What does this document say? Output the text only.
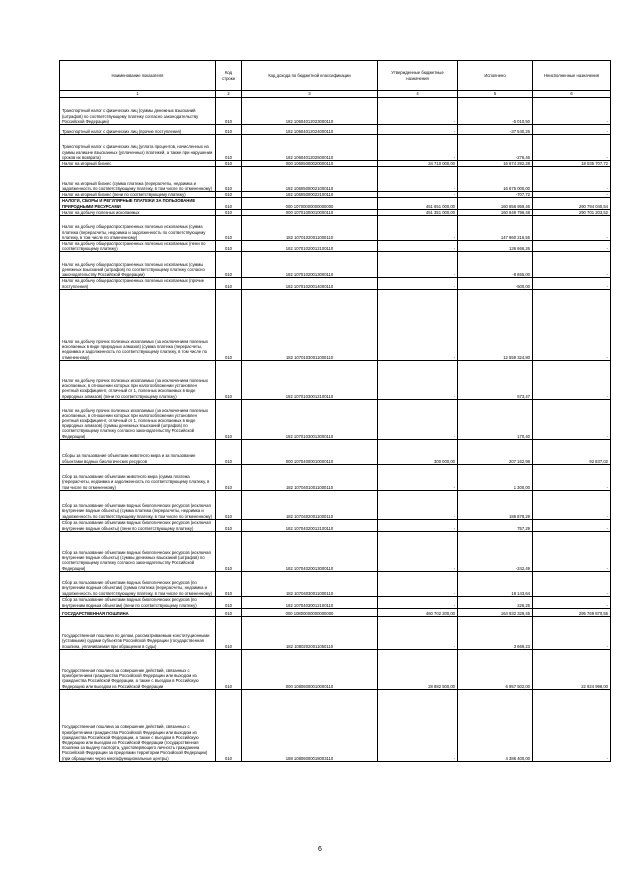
Наименование показателя	Код строки	Код дохода по бюджетной классификации	Утвержденные бюджетные назначения	Исполнено	Неисполненные назначения
1	2	3	4	5	6
Транспортный налог с физических лиц (суммы денежных взысканий (штрафов) по соответствующему платежу согласно законодательству Российской Федерации)	010	182 10604012023000110	-	-5 010,50	-
Транспортный налог с физических лиц (прочие поступления)	010	182 10604012024000110	-	-37 540,26	-
Транспортный налог с физических лиц (уплата процентов, начисленных на суммы излишне взысканных (уплаченных) платежей, а также при нарушении сроков их возврата)	010	182 10604012025000110	-	-276,46	-
Налог на игорный бизнес	010	000 10605000020000110	34 710 000,00	16 674 292,28	18 035 707,72
Налог на игорный бизнес (сумма платежа (перерасчеты, недоимка и задолженность по соответствующему платежу, в том числе по отмененному)	010	182 10605000021000110	-	16 675 000,00	-
Налог на игорный бизнес (пени по соответствующему платежу)	010	182 10605000022100110	-	-707,72	-
НАЛОГИ, СБОРЫ И РЕГУЛЯРНЫЕ ПЛАТЕЖИ ЗА ПОЛЬЗОВАНИЕ ПРИРОДНЫМИ РЕСУРСАМИ	010	000 10700000000000000	451 651 000,00	160 856 959,46	290 794 040,54
Налог на добычу полезных ископаемых	010	000 10701000010000110	451 351 000,00	160 649 796,48	290 701 203,52
Налог на добычу общераспространенных полезных ископаемых (сумма платежа (перерасчеты, недоимка и задолженность по соответствующему платежу, в том числе по отмененному)	010	182 10701020011000110	-	147 960 216,55	-
Налог на добычу общераспространенных полезных ископаемых (пени по соответствующему платежу)	010	182 10701020012100110	-	136 666,26	-
Налог на добычу общераспространенных полезных ископаемых (суммы денежных взысканий (штрафов) по соответствующему платежу согласно законодательству Российской Федерации)	010	182 10701020013000110	-	-8 655,00	-
Налог на добычу общераспространенных полезных ископаемых (прочие поступления)	010	182 10701020014000110	-	-500,00	-
Налог на добычу прочих полезных ископаемых (за исключением полезных ископаемых в виде природных алмазов) (сумма платежа (перерасчеты, недоимка и задолженность по соответствующему платежу, в том числе по отмененному)	010	182 10701030011000110	-	12 559 324,80	-
Налог на добычу прочих полезных ископаемых (за исключением полезных ископаемых, в отношении которых при налогообложении установлен рентный коэффициент, отличный от 1, полезных ископаемых в виде природных алмазов) (пени по соответствующему платежу)	010	182 10701030012100110	-	573,47	-
Налог на добычу прочих полезных ископаемых (за исключением полезных ископаемых, в отношении которых при налогообложении установлен рентный коэффициент, отличный от 1, полезных ископаемых в виде природных алмазов) (суммы денежных взысканий (штрафов) по соответствующему платежу согласно законодательству Российской Федерации)	010	182 10701030013000110	-	170,40	-
Сборы за пользование объектами животного мира и за пользование объектами водных биологических ресурсов	010	000 10704000010000110	300 000,00	207 162,98	92 837,02
Сбор за пользование объектами животного мира (сумма платежа (перерасчеты, недоимка и задолженность по соответствующему платежу, в том числе по отмененному)	010	182 10704010011000110	-	1 300,00	-
Сбор за пользование объектами водных биологических ресурсов (исключая внутренние водные объекты) (сумма платежа (перерасчеты, недоимка и задолженность по соответствующему платежу, в том числе по отмененному)	010	182 10704020011000110	-	186 878,29	-
Сбор за пользование объектами водных биологических ресурсов (исключая внутренние водные объекты) (пени по соответствующему платежу)	010	182 10704020012100110	-	757,29	-
Сбор за пользование объектами водных биологических ресурсов (исключая внутренние водные объекты) (суммы денежных взысканий (штрафов) по соответствующему платежу согласно законодательству Российской Федерации)	010	182 10704020013000110	-	-242,49	-
Сбор за пользование объектами водных биологических ресурсов (по внутренним водным объектам) (сумма платежа (перерасчеты, недоимка и задолженность по соответствующему платежу, в том числе по отмененному)	010	182 10704030011000110	-	18 143,64	-
Сбор за пользование объектами водных биологических ресурсов (по внутренним водным объектам) (пени по соответствующему платежу)	010	182 10704030012100110	-	226,25	-
ГОСУДАРСТВЕННАЯ ПОШЛИНА	010	000 10800000000000000	460 702 200,00	164 932 329,45	295 769 870,55
Государственная пошлина по делам, рассматриваемым конституционными (уставными) судами субъектов Российской Федерации (государственная пошлина, уплачиваемая при обращении в суды)	010	182 10802020011050110	-	3 669,23	-
Государственная пошлина за совершение действий, связанных с приобретением гражданства Российской Федерации или выходом из гражданства Российской Федерации, а также с въездом в Российскую Федерацию или выездом из Российской Федерации	010	000 10806000010000110	28 882 500,00	6 957 502,00	22 924 998,00
Государственная пошлина за совершение действий, связанных с приобретением гражданства Российской Федерации или выходом из гражданства Российской Федерации, а также с въездом в Российскую Федерацию или выездом из Российской Федерации (государственная пошлина за выдачу паспорта, удостоверяющего личность гражданина Российской Федерации за пределами территории Российской Федерации) (при обращении через многофункциональные центры)	010	188 10806000018003110	-	4 386 400,00	-
6
